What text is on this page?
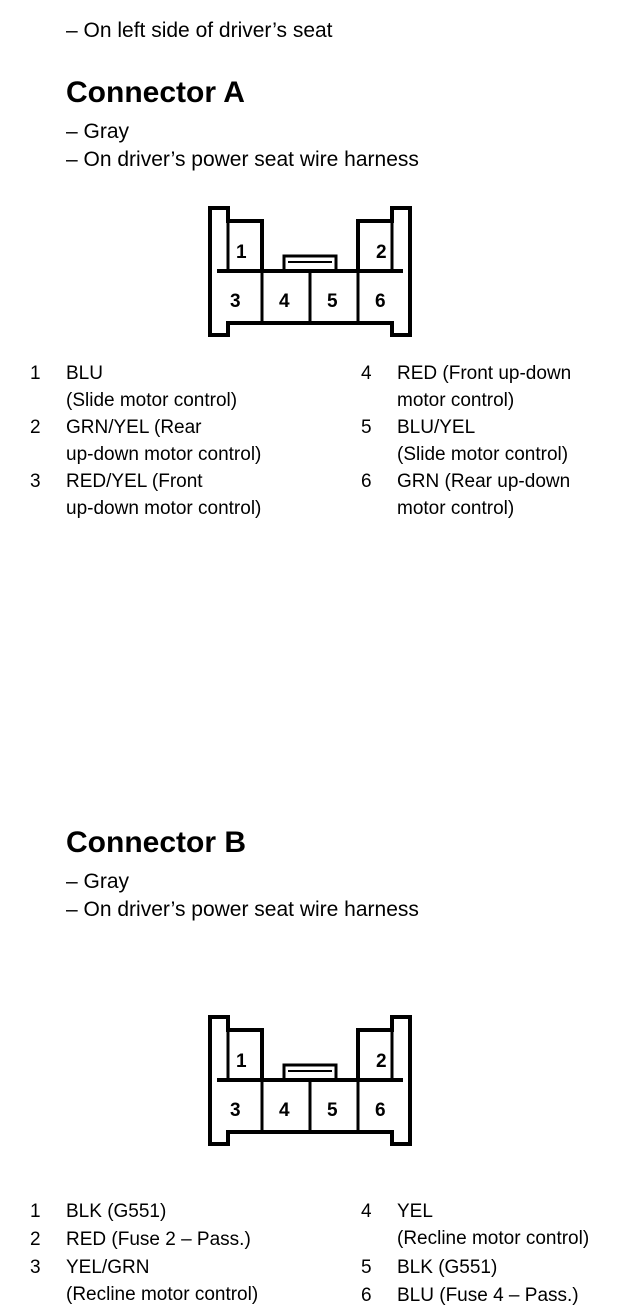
– On left side of driver’s seat
Connector A
– Gray
– On driver’s power seat wire harness
1	2
3 4 5 6
1 BLU
(Slide motor control)
2 GRN/YEL (Rear
up-down motor control)
3 RED/YEL (Front
up-down motor control)
4 RED (Front up-down
motor control)
5 BLU/YEL
(Slide motor control)
6 GRN (Rear up-down
motor control)
Connector B
– Gray
– On driver’s power seat wire harness
1	2
3 4 5 6
1 BLK (G551)
2 RED (Fuse 2 – Pass.)
3 YEL/GRN
(Recline motor control)
4 YEL
(Recline motor control)
5 BLK (G551)
6 BLU (Fuse 4 – Pass.)
